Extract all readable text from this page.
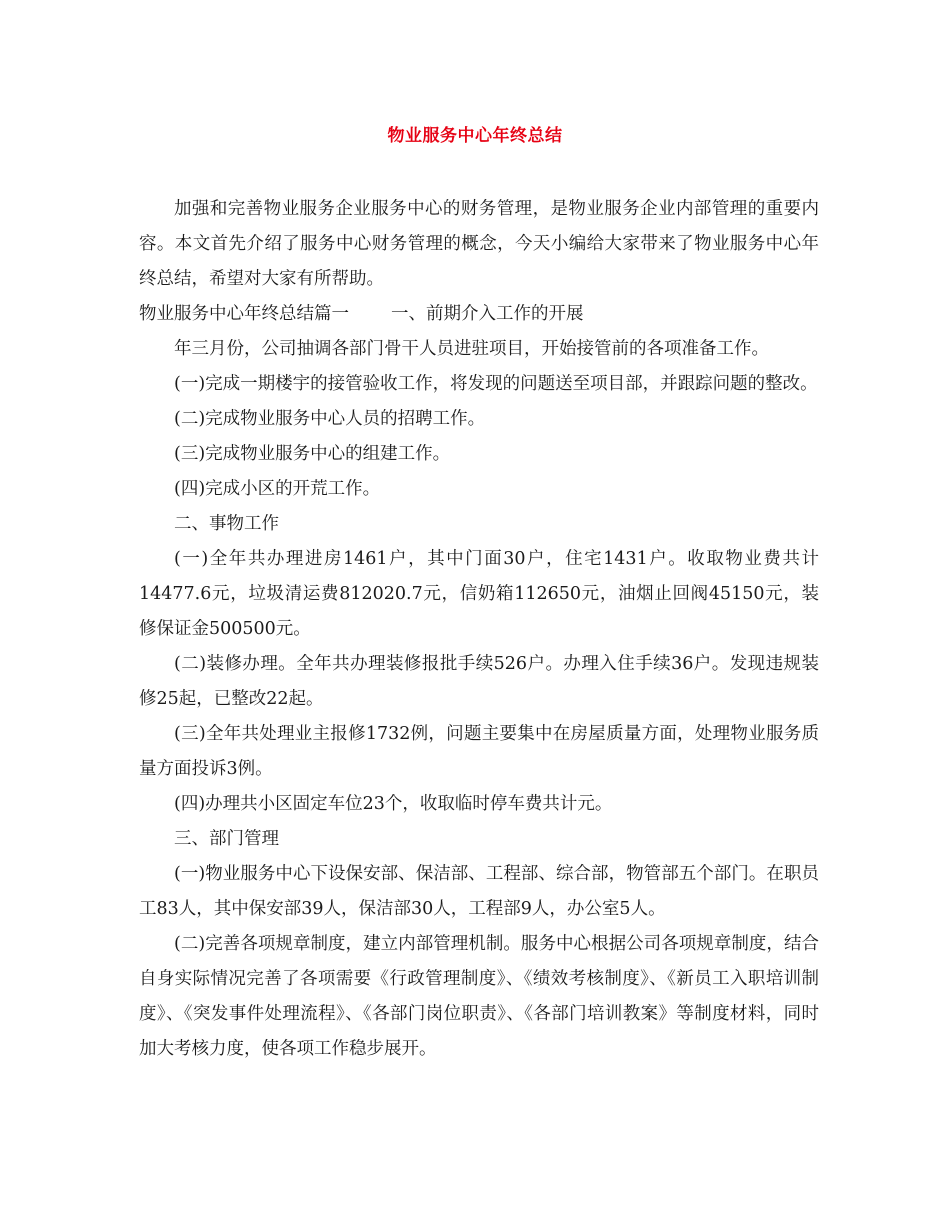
物业服务中心年终总结

加强和完善物业服务企业服务中心的财务管理，是物业服务企业内部管理的重要内容。本文首先介绍了服务中心财务管理的概念，今天小编给大家带来了物业服务中心年终总结，希望对大家有所帮助。

物业服务中心年终总结篇一 一、前期介入工作的开展

年三月份，公司抽调各部门骨干人员进驻项目，开始接管前的各项准备工作。

(一)完成一期楼宇的接管验收工作，将发现的问题送至项目部，并跟踪问题的整改。

(二)完成物业服务中心人员的招聘工作。

(三)完成物业服务中心的组建工作。

(四)完成小区的开荒工作。

二、事物工作

(一)全年共办理进房1461户，其中门面30户，住宅1431户。收取物业费共计14477.6元，垃圾清运费812020.7元，信奶箱112650元，油烟止回阀45150元，装修保证金500500元。

(二)装修办理。全年共办理装修报批手续526户。办理入住手续36户。发现违规装修25起，已整改22起。

(三)全年共处理业主报修1732例，问题主要集中在房屋质量方面，处理物业服务质量方面投诉3例。

(四)办理共小区固定车位23个，收取临时停车费共计元。

三、部门管理

(一)物业服务中心下设保安部、保洁部、工程部、综合部，物管部五个部门。在职员工83人，其中保安部39人，保洁部30人，工程部9人，办公室5人。

(二)完善各项规章制度，建立内部管理机制。服务中心根据公司各项规章制度，结合自身实际情况完善了各项需要《行政管理制度》、《绩效考核制度》、《新员工入职培训制度》、《突发事件处理流程》、《各部门岗位职责》、《各部门培训教案》等制度材料，同时加大考核力度，使各项工作稳步展开。
